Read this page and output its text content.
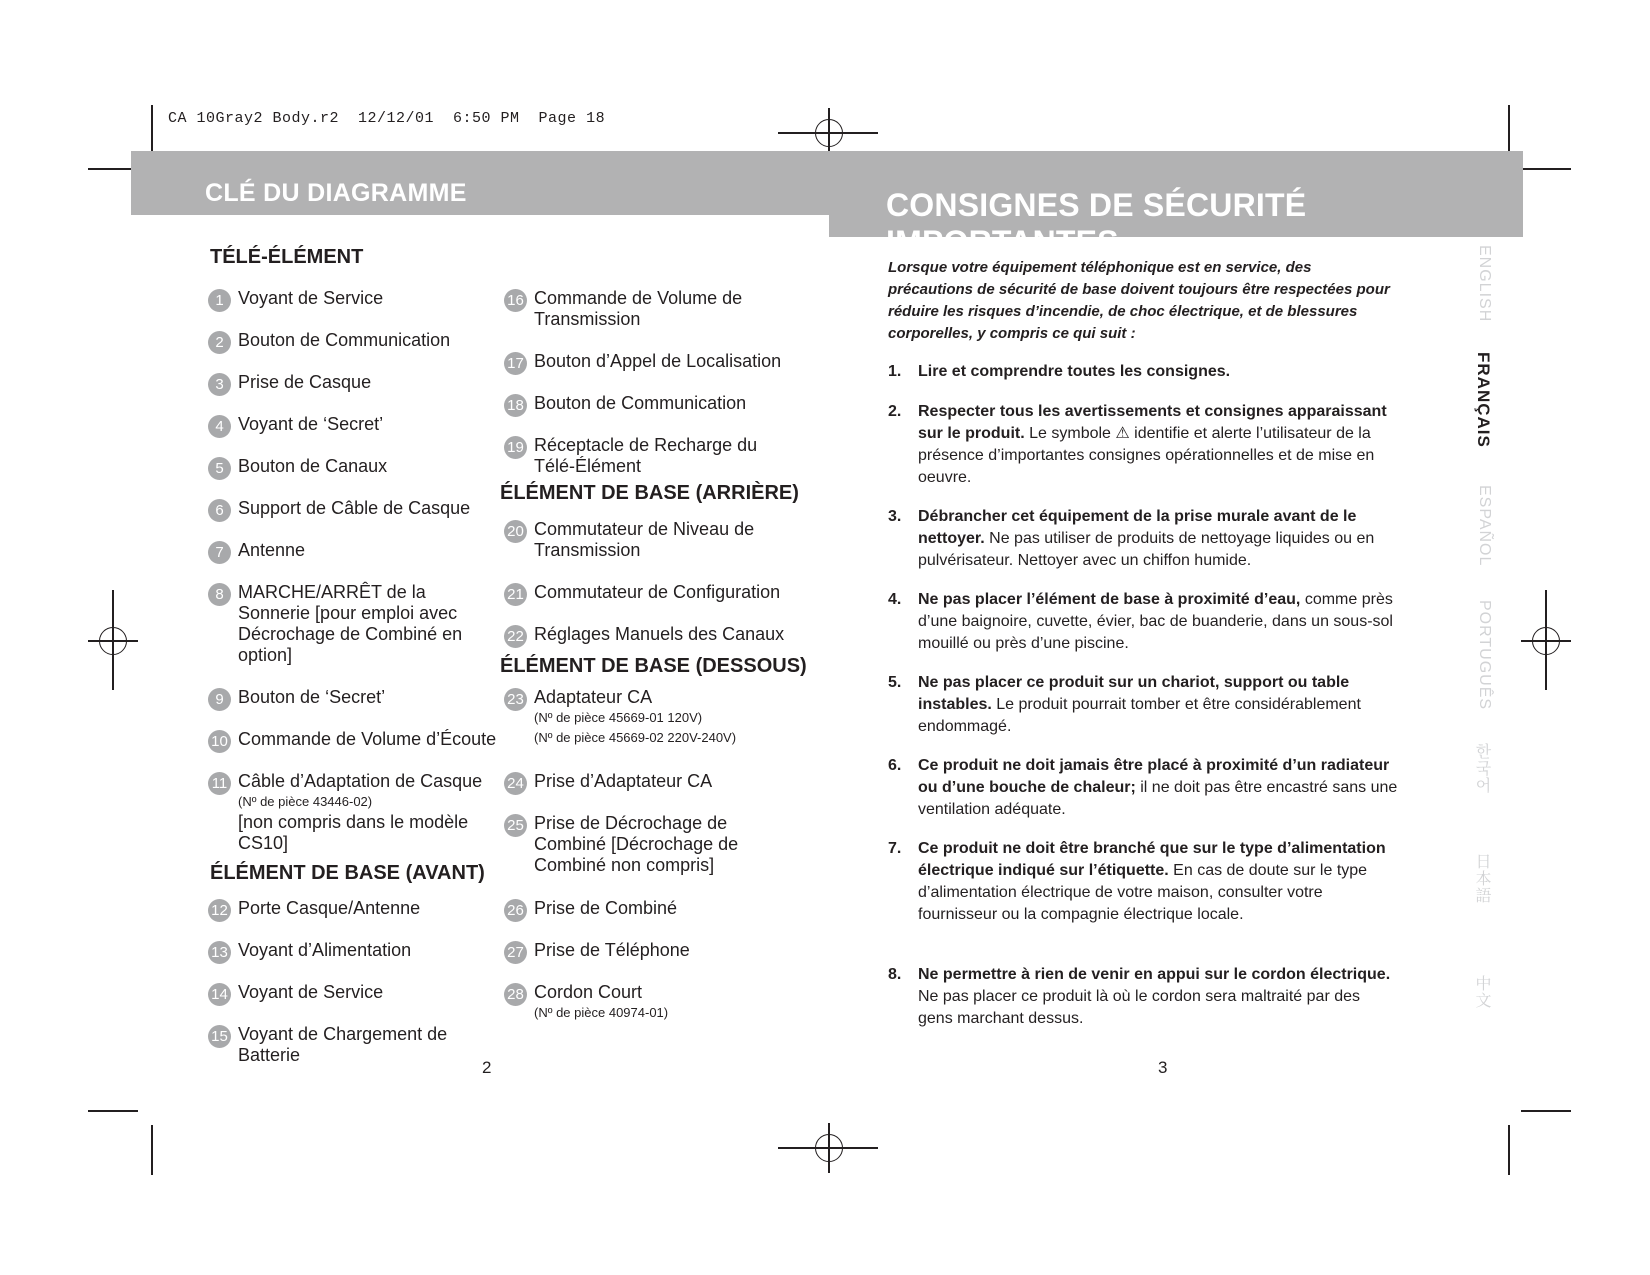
CA 10Gray2 Body.r2  12/12/01  6:50 PM  Page 18
CLÉ DU DIAGRAMME	CONSIGNES DE SÉCURITÉ IMPORTANTES
TÉLÉ-ÉLÉMENT
1 Voyant de Service
2 Bouton de Communication
3 Prise de Casque
4 Voyant de ‘Secret’
5 Bouton de Canaux
6 Support de Câble de Casque
7 Antenne
8 MARCHE/ARRÊT de la Sonnerie [pour emploi avec Décrochage de Combiné en option]
9 Bouton de ‘Secret’
10 Commande de Volume d’Écoute
11 Câble d’Adaptation de Casque
(Nº de pièce 43446-02)
[non compris dans le modèle CS10]
ÉLÉMENT DE BASE (AVANT)
12 Porte Casque/Antenne
13 Voyant d’Alimentation
14 Voyant de Service
15 Voyant de Chargement de Batterie
16 Commande de Volume de Transmission
17 Bouton d’Appel de Localisation
18 Bouton de Communication
19 Réceptacle de Recharge du Télé-Élément
ÉLÉMENT DE BASE (ARRIÈRE)
20 Commutateur de Niveau de Transmission
21 Commutateur de Configuration
22 Réglages Manuels des Canaux
ÉLÉMENT DE BASE (DESSOUS)
23 Adaptateur CA
(Nº de pièce 45669-01 120V)
(Nº de pièce 45669-02 220V-240V)
24 Prise d’Adaptateur CA
25 Prise de Décrochage de Combiné [Décrochage de Combiné non compris]
26 Prise de Combiné
27 Prise de Téléphone
28 Cordon Court
(Nº de pièce 40974-01)
2
Lorsque votre équipement téléphonique est en service, des précautions de sécurité de base doivent toujours être respectées pour réduire les risques d’incendie, de choc électrique, et de blessures corporelles, y compris ce qui suit :
1. Lire et comprendre toutes les consignes.
2. Respecter tous les avertissements et consignes apparaissant sur le produit. Le symbole ⚠ identifie et alerte l’utilisateur de la présence d’importantes consignes opérationnelles et de mise en oeuvre.
3. Débrancher cet équipement de la prise murale avant de le nettoyer. Ne pas utiliser de produits de nettoyage liquides ou en pulvérisateur. Nettoyer avec un chiffon humide.
4. Ne pas placer l’élément de base à proximité d’eau, comme près d’une baignoire, cuvette, évier, bac de buanderie, dans un sous-sol mouillé ou près d’une piscine.
5. Ne pas placer ce produit sur un chariot, support ou table instables. Le produit pourrait tomber et être considérablement endommagé.
6. Ce produit ne doit jamais être placé à proximité d’un radiateur ou d’une bouche de chaleur; il ne doit pas être encastré sans une ventilation adéquate.
7. Ce produit ne doit être branché que sur le type d’alimentation électrique indiqué sur l’étiquette. En cas de doute sur le type d’alimentation électrique de votre maison, consulter votre fournisseur ou la compagnie électrique locale.
8. Ne permettre à rien de venir en appui sur le cordon électrique. Ne pas placer ce produit là où le cordon sera maltraité par des gens marchant dessus.
3
ENGLISH
FRANÇAIS
ESPAÑOL
PORTUGUÊS
한국어
日本語
中文
